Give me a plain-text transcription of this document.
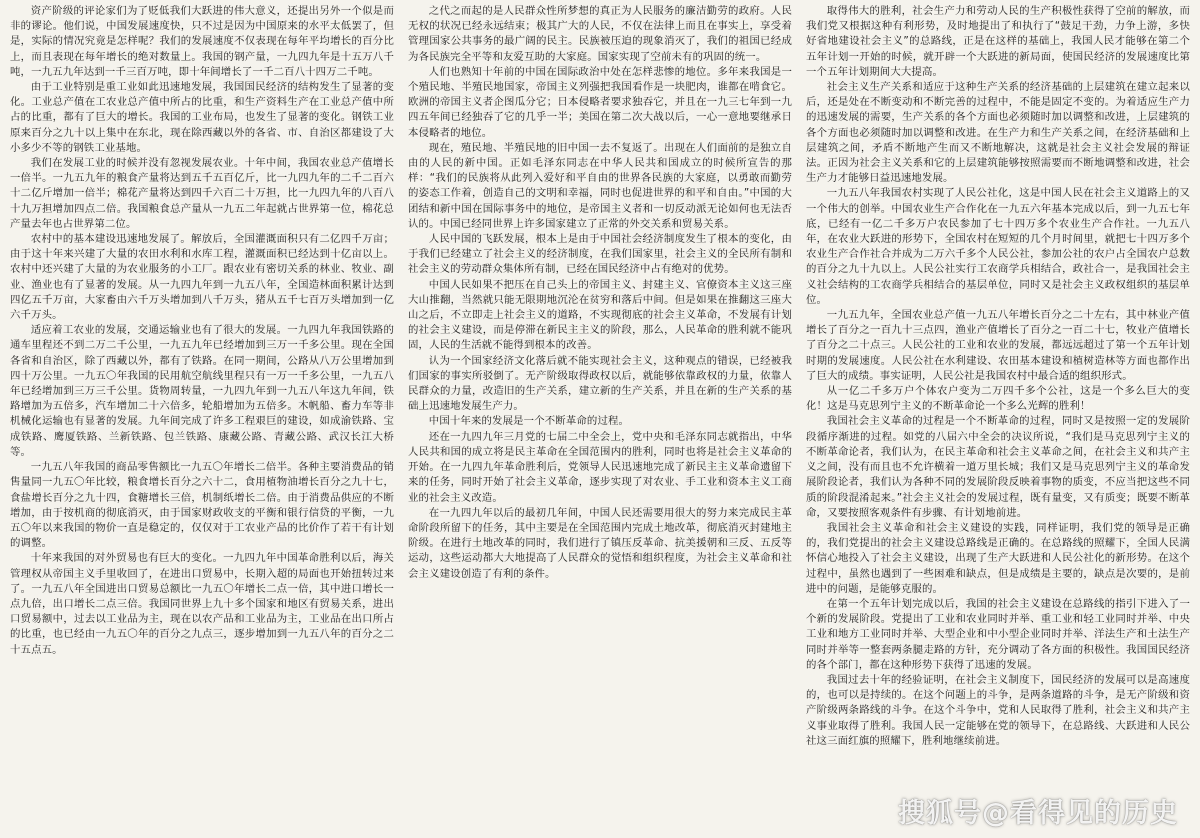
资产阶级的评论家们为了贬低我们大跃进的伟大意义，还提出另外一个似是而非的谬论。他们说，中国发展速度快，只不过是因为中国原来的水平太低罢了，但是，实际的情况究竟是怎样呢？我们的发展速度不仅表现在每年平均增长的百分比上，而且表现在每年增长的绝对数量上。我国的钢产量，一九四九年是十五万八千吨，一九五九年达到一千三百万吨，即十年间增长了一千二百八十四万二千吨。

由于工业特别是重工业如此迅速地发展，我国国民经济的结构发生了显著的变化。工业总产值在工农业总产值中所占的比重，和生产资料生产在工业总产值中所占的比重，都有了巨大的增长。我国的工业布局，也发生了显著的变化。钢铁工业原来百分之九十以上集中在东北，现在除西藏以外的各省、市、自治区都建设了大小多少不等的钢铁工业基地。

我们在发展工业的时候并没有忽视发展农业。十年中间，我国农业总产值增长一倍半。一九五九年的粮食产量将达到五千五百亿斤，比一九四九年的二千二百六十二亿斤增加一倍半；棉花产量将达到四千六百二十万担，比一九四九年的八百八十九万担增加四点二倍。我国粮食总产量从一九五二年起就占世界第一位，棉花总产量去年也占世界第二位。

农村中的基本建设迅速地发展了。解放后，全国灌溉面积只有二亿四千万亩；由于这十年来兴建了大量的农田水利和水库工程，灌溉面积已经达到十亿亩以上。农村中还兴建了大量的为农业服务的小工厂。跟农业有密切关系的林业、牧业、副业、渔业也有了显著的发展。从一九四九年到一九五八年，全国造林面积累计达到四亿五千万亩，大家畜由六千万头增加到八千万头，猪从五千七百万头增加到一亿六千万头。

适应着工农业的发展，交通运输业也有了很大的发展。一九四九年我国铁路的通车里程还不到二万二千公里，一九五九年已经增加到三万一千多公里。现在全国各省和自治区，除了西藏以外，都有了铁路。在同一期间，公路从八万公里增加到四十万公里。一九五〇年我国的民用航空航线里程只有一万一千多公里，一九五八年已经增加到三万三千公里。货物周转量，一九四九年到一九五八年这九年间，铁路增加为五倍多，汽车增加二十六倍多，轮船增加为五倍多。木帆船、畜力车等非机械化运输也有显著的发展。九年间完成了许多工程艰巨的建设，如成渝铁路、宝成铁路、鹰厦铁路、兰新铁路、包兰铁路、康藏公路、青藏公路、武汉长江大桥等。

一九五八年我国的商品零售额比一九五〇年增长二倍半。各种主要消费品的销售量同一九五〇年比较，粮食增长百分之六十二，食用植物油增长百分之九十七，食盐增长百分之九十四，食糖增长三倍，机制纸增长二倍。由于消费品供应的不断增加，由于按机商的彻底消灭，由于国家财政收支的平衡和银行信贷的平衡，一九五〇年以来我国的物价一直是稳定的，仅仅对于工农业产品的比价作了若干有计划的调整。

十年来我国的对外贸易也有巨大的变化。一九四九年中国革命胜利以后，海关管理权从帝国主义手里收回了，在进出口贸易中，长期入超的局面也开始扭转过来了。一九五八年全国进出口贸易总额比一九五〇年增长二点一倍，其中进口增长一点九倍，出口增长二点三倍。我国同世界上九十多个国家和地区有贸易关系，进出口贸易额中，过去以工业品为主，现在以农产品和工业品为主，工业品在出口所占的比重，也已经由一九五〇年的百分之九点三，逐步增加到一九五八年的百分之二十五点五。

之代之而起的是人民群众性所梦想的真正为人民服务的廉洁勤劳的政府。人民无权的状况已经永远结束；极其广大的人民，不仅在法律上而且在事实上，享受着管理国家公共事务的最广阔的民主。民族被压迫的现象消灭了，我们的祖国已经成为各民族完全平等和友爱互助的大家庭。国家实现了空前未有的巩固的统一。

人们也熟知十年前的中国在国际政治中处在怎样悲惨的地位。多年来我国是一个殖民地、半殖民地国家，帝国主义列强把我国看作是一块肥肉，谁都在啃食它。欧洲的帝国主义者企图瓜分它；日本侵略者要求独吞它，并且在一九三七年到一九四五年间已经独吞了它的几乎一半；美国在第二次大战以后，一心一意地要继承日本侵略者的地位。

现在，殖民地、半殖民地的旧中国一去不复返了。出现在人们面前的是独立自由的人民的新中国。正如毛泽东同志在中华人民共和国成立的时候所宣告的那样：“我们的民族将从此列入爱好和平自由的世界各民族的大家庭，以勇敢而勤劳的姿态工作着，创造自己的文明和幸福，同时也促进世界的和平和自由。”中国的大团结和新中国在国际事务中的地位，是帝国主义者和一切反动派无论如何也无法否认的。中国已经同世界上许多国家建立了正常的外交关系和贸易关系。

人民中国的飞跃发展，根本上是由于中国社会经济制度发生了根本的变化，由于我们已经建立了社会主义的经济制度，在我们国家里，社会主义的全民所有制和社会主义的劳动群众集体所有制，已经在国民经济中占有绝对的优势。

中国人民如果不把压在自己头上的帝国主义、封建主义、官僚资本主义这三座大山推翻，当然就只能无限期地沉沦在贫穷和落后中间。但是如果在推翻这三座大山之后，不立即走上社会主义的道路，不实现彻底的社会主义革命，不发展有计划的社会主义建设，而是停滞在新民主主义的阶段，那么，人民革命的胜利就不能巩固，人民的生活就不能得到根本的改善。

认为一个国家经济文化落后就不能实现社会主义，这种观点的错误，已经被我们国家的事实所驳倒了。无产阶级取得政权以后，就能够依靠政权的力量，依靠人民群众的力量，改造旧的生产关系，建立新的生产关系，并且在新的生产关系的基础上迅速地发展生产力。

中国十年来的发展是一个不断革命的过程。

还在一九四九年三月党的七届二中全会上，党中央和毛泽东同志就指出，中华人民共和国的成立将是民主革命在全国范围内的胜利，同时也将是社会主义革命的开始。在一九四九年革命胜利后，党领导人民迅速地完成了新民主主义革命遗留下来的任务，同时开始了社会主义革命，逐步实现了对农业、手工业和资本主义工商业的社会主义改造。

在一九四九年以后的最初几年间，中国人民还需要用很大的努力来完成民主革命阶段所留下的任务，其中主要是在全国范围内完成土地改革，彻底消灭封建地主阶级。在进行土地改革的同时，我们进行了镇压反革命、抗美援朝和三反、五反等运动，这些运动都大大地提高了人民群众的觉悟和组织程度，为社会主义革命和社会主义建设创造了有利的条件。

取得伟大的胜利，社会生产力和劳动人民的生产积极性获得了空前的解放，而我们党又根据这种有利形势，及时地提出了和执行了“鼓足干劲，力争上游，多快好省地建设社会主义”的总路线，正是在这样的基础上，我国人民才能够在第二个五年计划一开始的时候，就开辟一个大跃进的新局面，使国民经济的发展速度比第一个五年计划期间大大提高。

社会主义生产关系和适应于这种生产关系的经济基础的上层建筑在建立起来以后，还是处在不断变动和不断完善的过程中，不能是固定不变的。为着适应生产力的迅速发展的需要，生产关系的各个方面也必须随时加以调整和改进，上层建筑的各个方面也必须随时加以调整和改进。在生产力和生产关系之间，在经济基础和上层建筑之间，矛盾不断地产生而又不断地解决，这就是社会主义社会发展的辩证法。正因为社会主义关系和它的上层建筑能够按照需要而不断地调整和改进，社会生产力才能够日益迅速地发展。

一九五八年我国农村实现了人民公社化，这是中国人民在社会主义道路上的又一个伟大的创举。中国农业生产合作化在一九五六年基本完成以后，到一九五七年底，已经有一亿二千多万户农民参加了七十四万多个农业生产合作社。一九五八年，在农业大跃进的形势下，全国农村在短短的几个月时间里，就把七十四万多个农业生产合作社合并成为二万六千多个人民公社，参加公社的农户占全国农户总数的百分之九十九以上。人民公社实行工农商学兵相结合，政社合一，是我国社会主义社会结构的工农商学兵相结合的基层单位，同时又是社会主义政权组织的基层单位。

一九五九年，全国农业总产值一九五八年增长百分之二十左右，其中林业产值增长了百分之一百九十三点四，渔业产值增长了百分之一百二十七，牧业产值增长了百分之二十点三。人民公社的工业和农业的发展，都远远超过了第一个五年计划时期的发展速度。人民公社在水利建设、农田基本建设和植树造林等方面也都作出了巨大的成绩。事实证明，人民公社是我国农村中最合适的组织形式。

从一亿二千多万户个体农户变为二万四千多个公社，这是一个多么巨大的变化！这是马克思列宁主义的不断革命论一个多么光辉的胜利！

我国社会主义革命的过程是一个不断革命的过程，同时又是按照一定的发展阶段循序渐进的过程。如党的八届六中全会的决议所说，“我们是马克思列宁主义的不断革命论者，我们认为，在民主革命和社会主义革命之间，在社会主义和共产主义之间，没有而且也不允许横着一道万里长城；我们又是马克思列宁主义的革命发展阶段论者，我们认为各种不同的发展阶段反映着事物的质变，不应当把这些不同质的阶段混淆起来。”社会主义社会的发展过程，既有量变，又有质变；既要不断革命，又要按照客观条件有步骤、有计划地前进。

我国社会主义革命和社会主义建设的实践，同样证明，我们党的领导是正确的，我们党提出的社会主义建设总路线是正确的。在总路线的照耀下，全国人民满怀信心地投入了社会主义建设，出现了生产大跃进和人民公社化的新形势。在这个过程中，虽然也遇到了一些困难和缺点，但是成绩是主要的，缺点是次要的，是前进中的问题，是能够克服的。

在第一个五年计划完成以后，我国的社会主义建设在总路线的指引下进入了一个新的发展阶段。党提出了工业和农业同时并举、重工业和轻工业同时并举、中央工业和地方工业同时并举、大型企业和中小型企业同时并举、洋法生产和土法生产同时并举等一整套两条腿走路的方针，充分调动了各方面的积极性。我国国民经济的各个部门，都在这种形势下获得了迅速的发展。

我国过去十年的经验证明，在社会主义制度下，国民经济的发展可以是高速度的，也可以是持续的。在这个问题上的斗争，是两条道路的斗争，是无产阶级和资产阶级两条路线的斗争。在这个斗争中，党和人民取得了胜利，社会主义和共产主义事业取得了胜利。我国人民一定能够在党的领导下，在总路线、大跃进和人民公社这三面红旗的照耀下，胜利地继续前进。

搜狐号@看得见的历史
